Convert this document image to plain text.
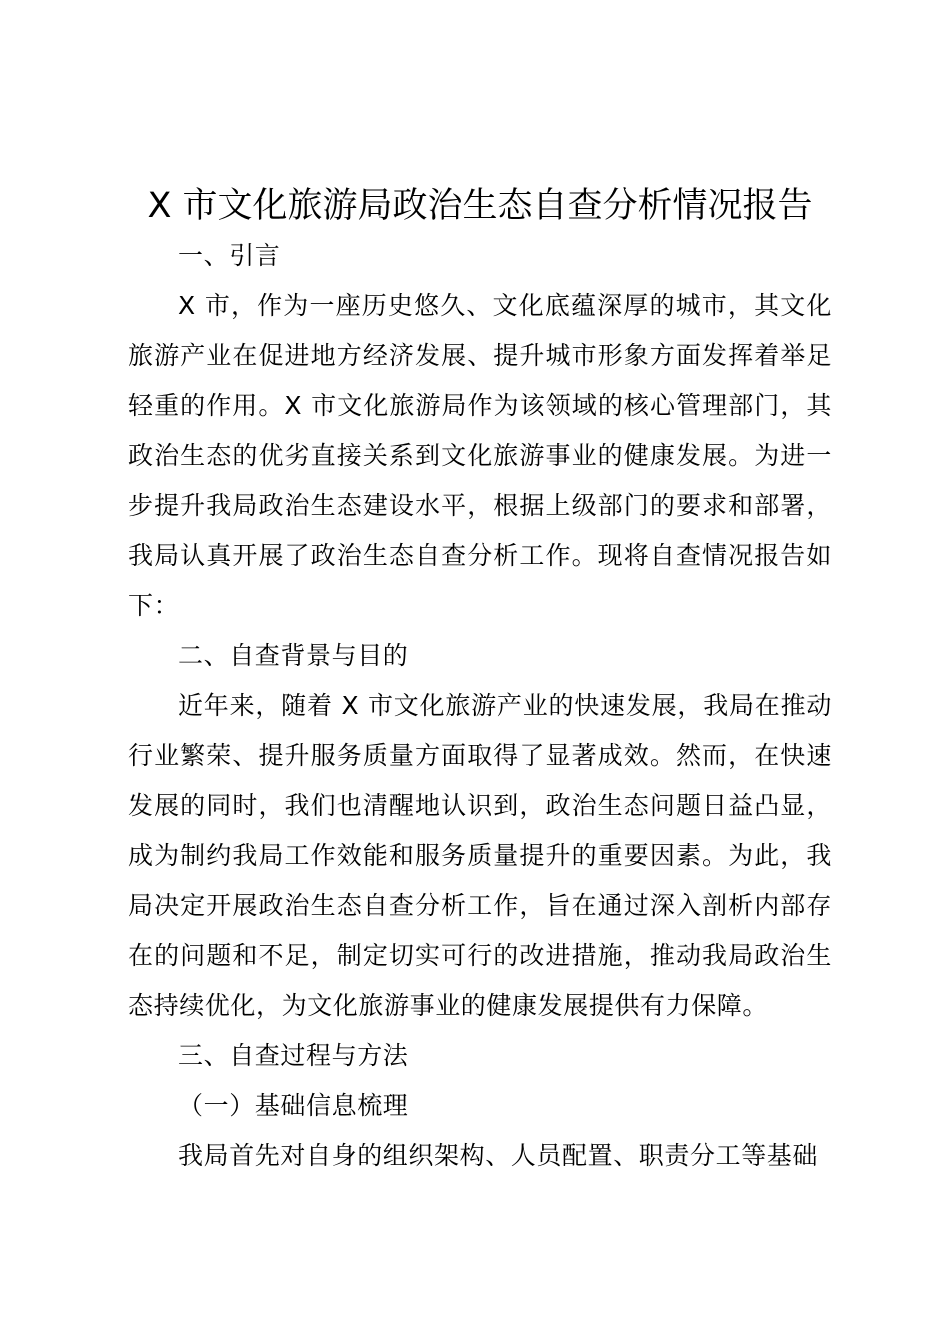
X 市文化旅游局政治生态自查分析情况报告

一、引言

X 市，作为一座历史悠久、文化底蕴深厚的城市，其文化旅游产业在促进地方经济发展、提升城市形象方面发挥着举足轻重的作用。X 市文化旅游局作为该领域的核心管理部门，其政治生态的优劣直接关系到文化旅游事业的健康发展。为进一步提升我局政治生态建设水平，根据上级部门的要求和部署，我局认真开展了政治生态自查分析工作。现将自查情况报告如下：

二、自查背景与目的

近年来，随着 X 市文化旅游产业的快速发展，我局在推动行业繁荣、提升服务质量方面取得了显著成效。然而，在快速发展的同时，我们也清醒地认识到，政治生态问题日益凸显，成为制约我局工作效能和服务质量提升的重要因素。为此，我局决定开展政治生态自查分析工作，旨在通过深入剖析内部存在的问题和不足，制定切实可行的改进措施，推动我局政治生态持续优化，为文化旅游事业的健康发展提供有力保障。

三、自查过程与方法

（一）基础信息梳理

我局首先对自身的组织架构、人员配置、职责分工等基础
